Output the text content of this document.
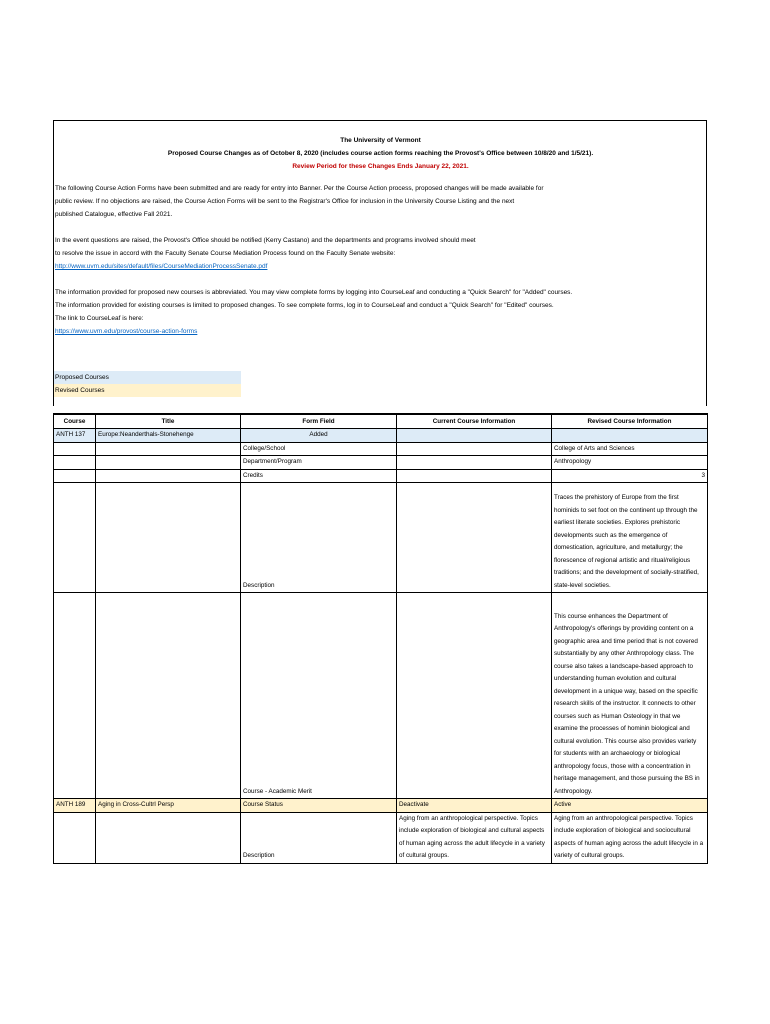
The University of Vermont

Proposed Course Changes as of October 8, 2020 (includes course action forms reaching the Provost's Office between 10/8/20 and 1/5/21).

Review Period for these Changes Ends January 22, 2021.

The following Course Action Forms have been submitted and are ready for entry into Banner. Per the Course Action process, proposed changes will be made available for

public review. If no objections are raised, the Course Action Forms will be sent to the Registrar's Office for inclusion in the University Course Listing and the next

published Catalogue, effective Fall 2021.

In the event questions are raised, the Provost's Office should be notified (Kerry Castano) and the departments and programs involved should meet

to resolve the issue in accord with the Faculty Senate Course Mediation Process found on the Faculty Senate website:

http://www.uvm.edu/sites/default/files/CourseMediationProcessSenate.pdf

The information provided for proposed new courses is abbreviated. You may view complete forms by logging into CourseLeaf and conducting a "Quick Search" for "Added" courses.

The information provided for existing courses is limited to proposed changes. To see complete forms, log in to CourseLeaf and conduct a "Quick Search" for "Edited" courses.

The link to CourseLeaf is here:

https://www.uvm.edu/provost/course-action-forms

Proposed Courses
Revised Courses
Course	Title	Form Field	Current Course Information	Revised Course Information
ANTH 137	Europe:Neanderthals-Stonehenge	Added		
		College/School		College of Arts and Sciences
		Department/Program		Anthropology
		Credits		3
		Description		Traces the prehistory of Europe from the first hominids to set foot on the continent up through the earliest literate societies. Explores prehistoric developments such as the emergence of domestication, agriculture, and metallurgy; the florescence of regional artistic and ritual/religious traditions; and the development of socially-stratified, state-level societies.
		Course - Academic Merit		This course enhances the Department of Anthropology's offerings by providing content on a geographic area and time period that is not covered substantially by any other Anthropology class. The course also takes a landscape-based approach to understanding human evolution and cultural development in a unique way, based on the specific research skills of the instructor. It connects to other courses such as Human Osteology in that we examine the processes of hominin biological and cultural evolution. This course also provides variety for students with an archaeology or biological anthropology focus, those with a concentration in heritage management, and those pursuing the BS in Anthropology.
ANTH 189	Aging in Cross-Cultrl Persp	Course Status	Deactivate	Active
		Description	Aging from an anthropological perspective. Topics include exploration of biological and cultural aspects of human aging across the adult lifecycle in a variety of cultural groups.	Aging from an anthropological perspective. Topics include exploration of biological and sociocultural aspects of human aging across the adult lifecycle in a variety of cultural groups.
